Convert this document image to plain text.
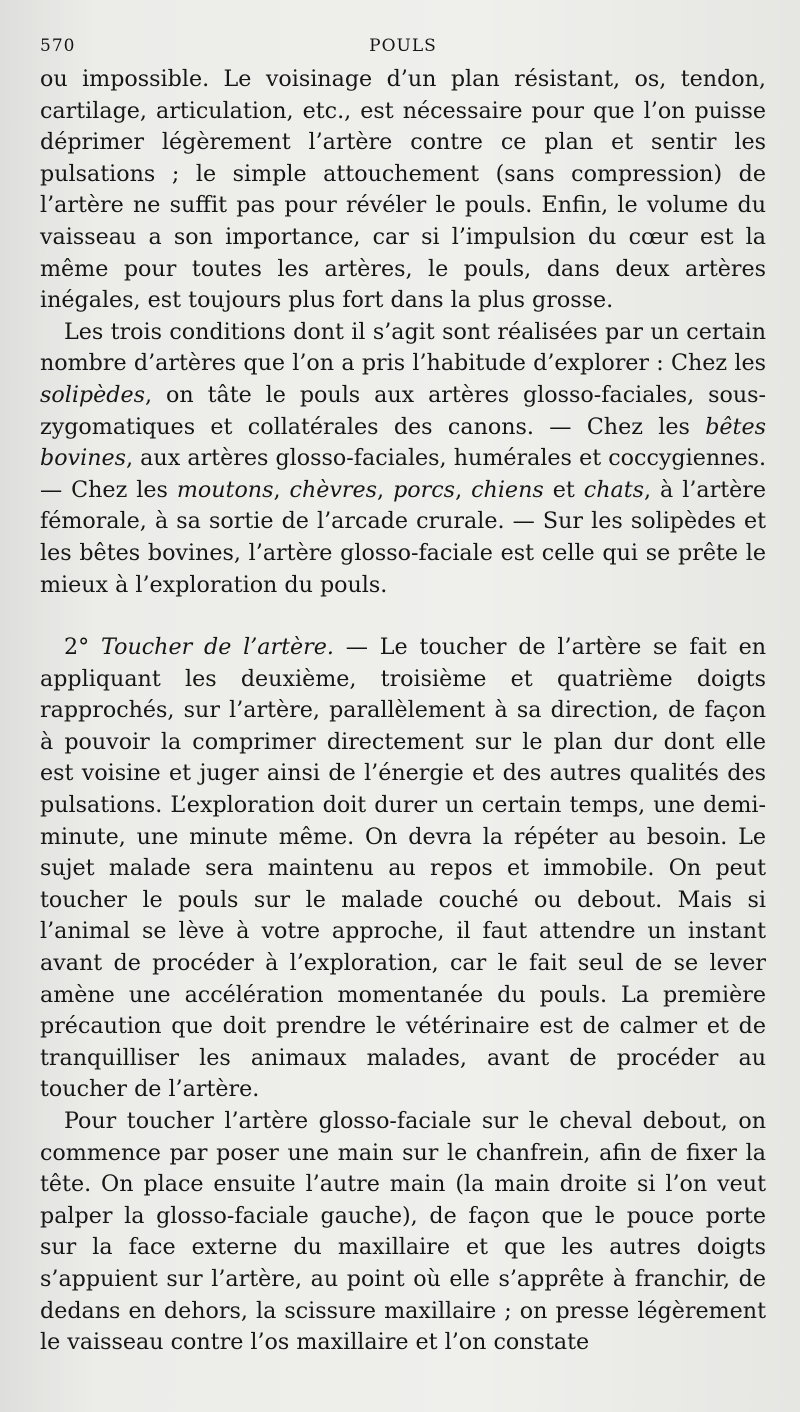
570	POULS

ou impossible. Le voisinage d’un plan résistant, os, tendon, cartilage, articulation, etc., est nécessaire pour que l’on puisse déprimer légèrement l’artère contre ce plan et sentir les pulsations ; le simple attouchement (sans compression) de l’artère ne suffit pas pour révéler le pouls. Enfin, le volume du vaisseau a son importance, car si l’impulsion du cœur est la même pour toutes les artères, le pouls, dans deux artères inégales, est toujours plus fort dans la plus grosse.

Les trois conditions dont il s’agit sont réalisées par un certain nombre d’artères que l’on a pris l’habitude d’explorer : Chez les solipèdes, on tâte le pouls aux artères glosso-faciales, sous-zygomatiques et collatérales des canons. — Chez les bêtes bovines, aux artères glosso-faciales, humérales et coccygiennes. — Chez les moutons, chèvres, porcs, chiens et chats, à l’artère fémorale, à sa sortie de l’arcade crurale. — Sur les solipèdes et les bêtes bovines, l’artère glosso-faciale est celle qui se prête le mieux à l’exploration du pouls.

2° Toucher de l’artère. — Le toucher de l’artère se fait en appliquant les deuxième, troisième et quatrième doigts rapprochés, sur l’artère, parallèlement à sa direction, de façon à pouvoir la comprimer directement sur le plan dur dont elle est voisine et juger ainsi de l’énergie et des autres qualités des pulsations. L’exploration doit durer un certain temps, une demi-minute, une minute même. On devra la répéter au besoin. Le sujet malade sera maintenu au repos et immobile. On peut toucher le pouls sur le malade couché ou debout. Mais si l’animal se lève à votre approche, il faut attendre un instant avant de procéder à l’exploration, car le fait seul de se lever amène une accélération momentanée du pouls. La première précaution que doit prendre le vétérinaire est de calmer et de tranquilliser les animaux malades, avant de procéder au toucher de l’artère.

Pour toucher l’artère glosso-faciale sur le cheval debout, on commence par poser une main sur le chanfrein, afin de fixer la tête. On place ensuite l’autre main (la main droite si l’on veut palper la glosso-faciale gauche), de façon que le pouce porte sur la face externe du maxillaire et que les autres doigts s’appuient sur l’artère, au point où elle s’apprête à franchir, de dedans en dehors, la scissure maxillaire ; on presse légèrement le vaisseau contre l’os maxillaire et l’on constate
